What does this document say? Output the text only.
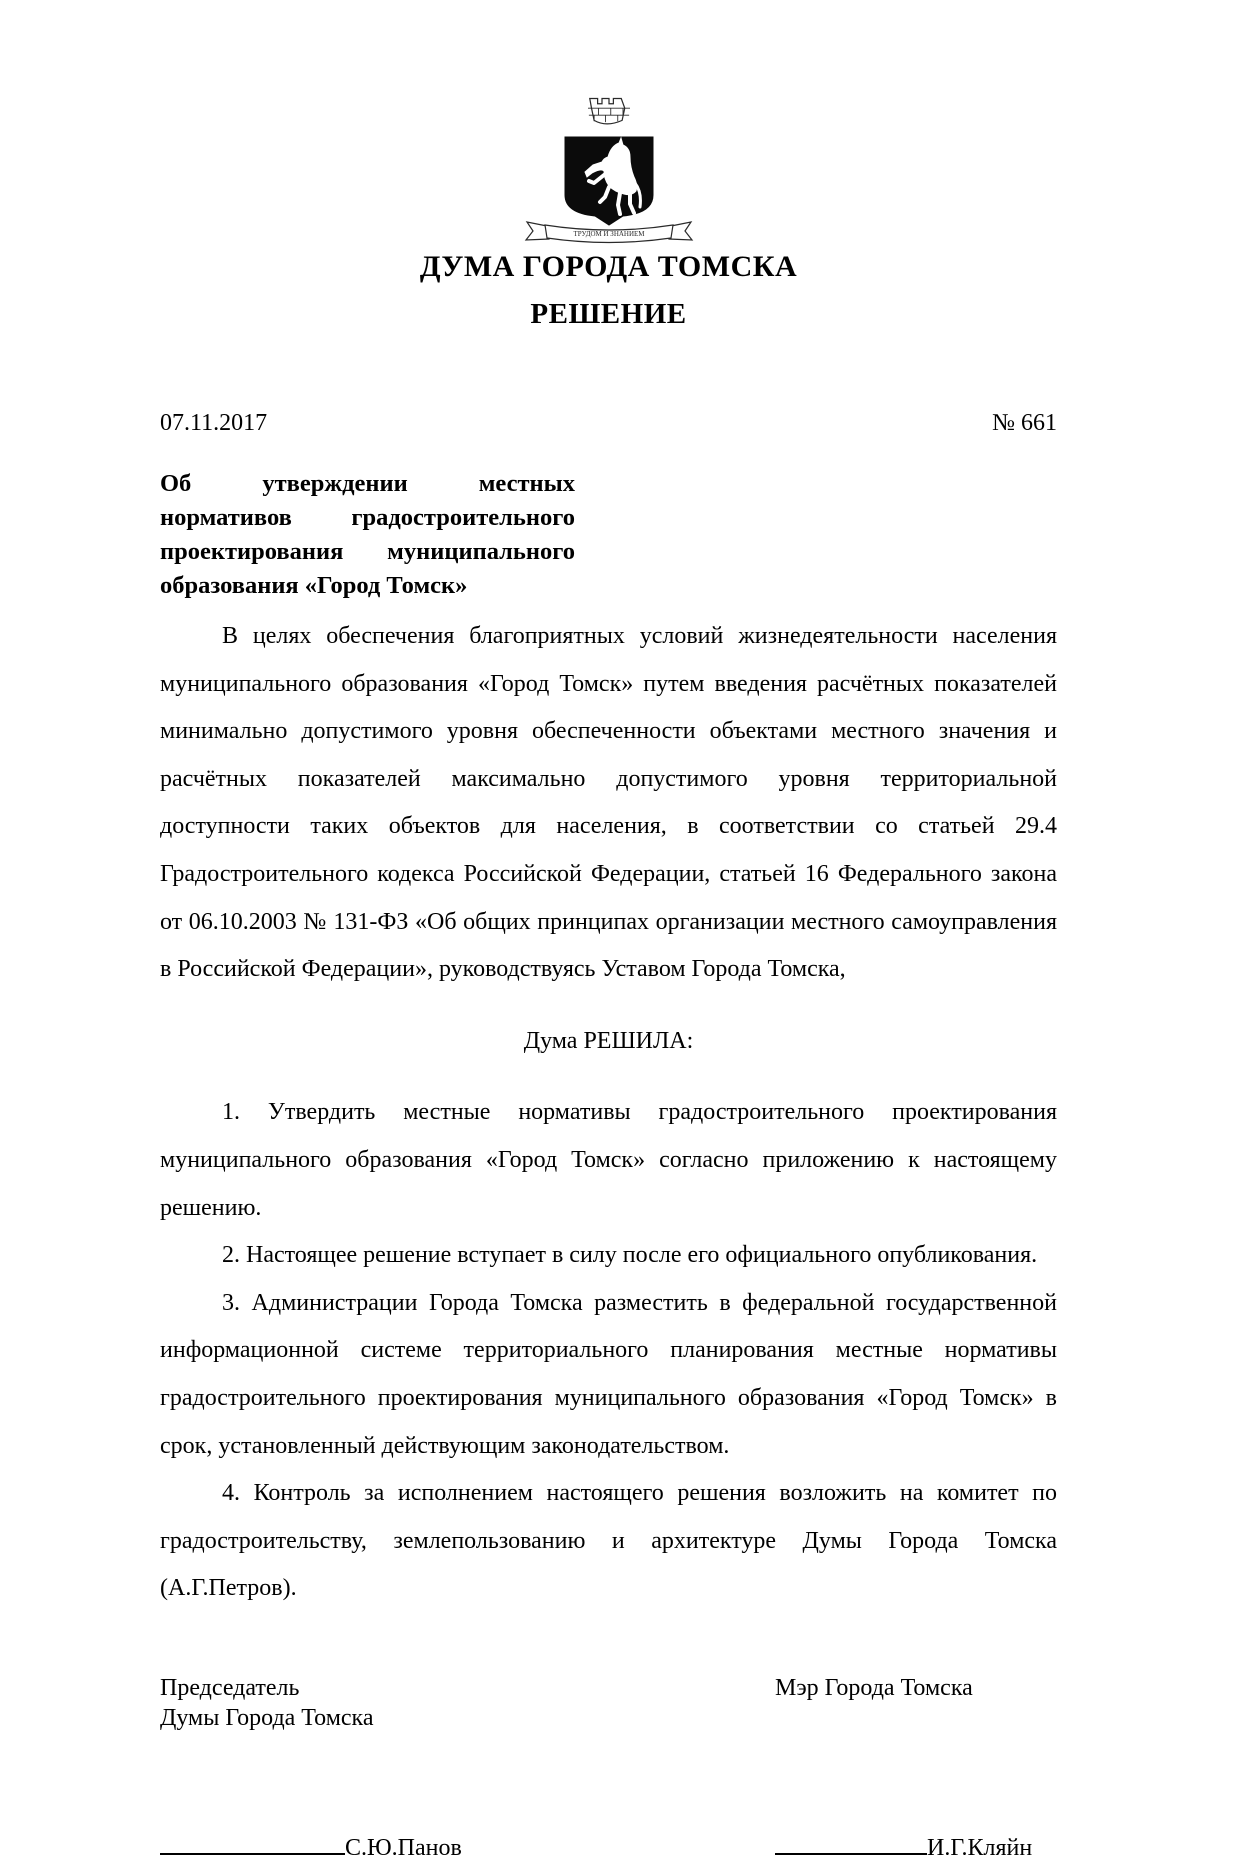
ТРУДОМ И ЗНАНИЕМ
ДУМА ГОРОДА ТОМСКА
РЕШЕНИЕ
07.11.2017	№ 661
Об утверждении местных нормативов градостроительного проектирования муниципального образования «Город Томск»

В целях обеспечения благоприятных условий жизнедеятельности населения муниципального образования «Город Томск» путем введения расчётных показателей минимально допустимого уровня обеспеченности объектами местного значения и расчётных показателей максимально допустимого уровня территориальной доступности таких объектов для населения, в соответствии со статьей 29.4 Градостроительного кодекса Российской Федерации, статьей 16 Федерального закона от 06.10.2003 № 131-ФЗ «Об общих принципах организации местного самоуправления в Российской Федерации», руководствуясь Уставом Города Томска,

Дума РЕШИЛА:

1. Утвердить местные нормативы градостроительного проектирования муниципального образования «Город Томск» согласно приложению к настоящему решению.

2. Настоящее решение вступает в силу после его официального опубликования.

3. Администрации Города Томска разместить в федеральной государственной информационной системе территориального планирования местные нормативы градостроительного проектирования муниципального образования «Город Томск» в срок, установленный действующим законодательством.

4. Контроль за исполнением настоящего решения возложить на комитет по градостроительству, землепользованию и архитектуре Думы Города Томска (А.Г.Петров).

Председатель
Думы Города Томска
Мэр Города Томска
С.Ю.Панов	И.Г.Кляйн
